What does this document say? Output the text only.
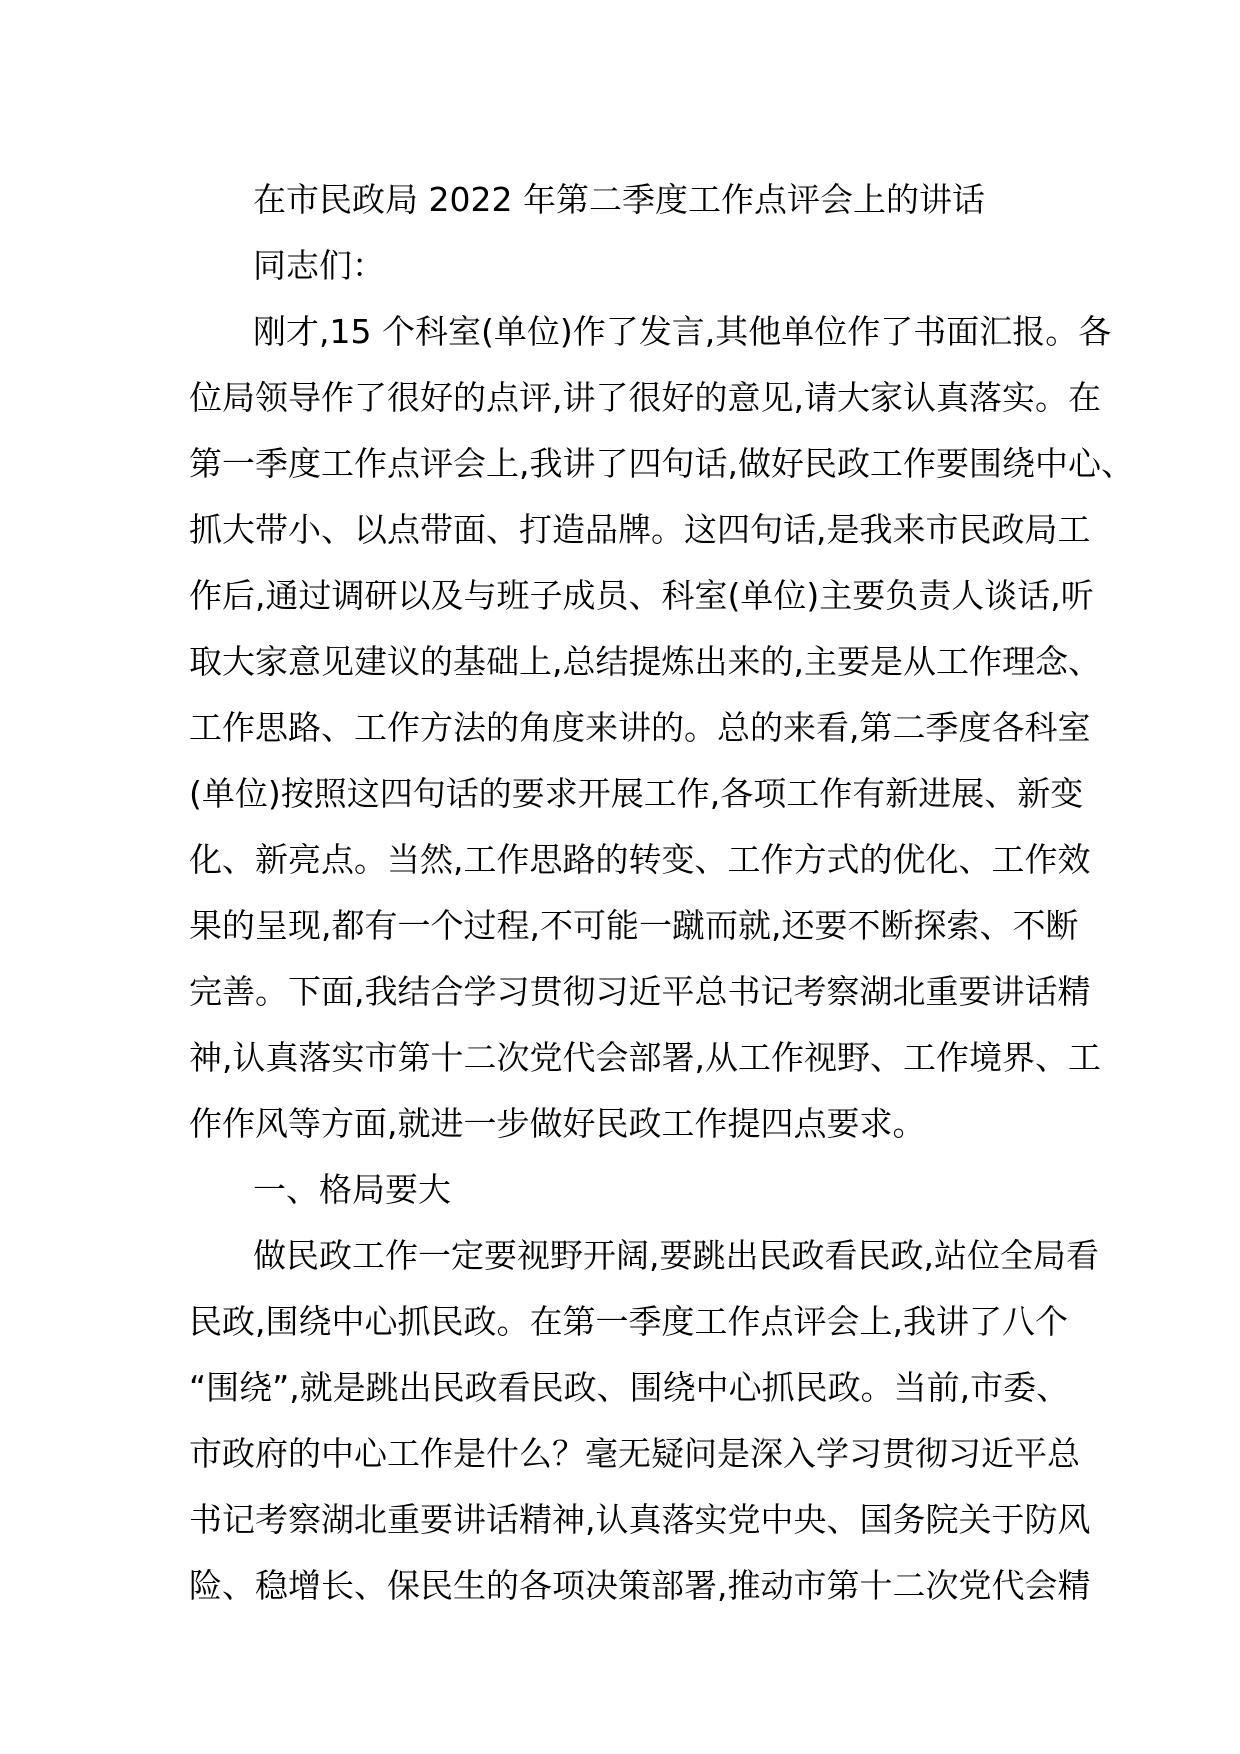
在市民政局 2022 年第二季度工作点评会上的讲话
同志们：
刚才,15 个科室(单位)作了发言,其他单位作了书面汇报。各
位局领导作了很好的点评,讲了很好的意见,请大家认真落实。在
第一季度工作点评会上,我讲了四句话,做好民政工作要围绕中心、
抓大带小、以点带面、打造品牌。这四句话,是我来市民政局工
作后,通过调研以及与班子成员、科室(单位)主要负责人谈话,听
取大家意见建议的基础上,总结提炼出来的,主要是从工作理念、
工作思路、工作方法的角度来讲的。总的来看,第二季度各科室
(单位)按照这四句话的要求开展工作,各项工作有新进展、新变
化、新亮点。当然,工作思路的转变、工作方式的优化、工作效
果的呈现,都有一个过程,不可能一蹴而就,还要不断探索、不断
完善。下面,我结合学习贯彻习近平总书记考察湖北重要讲话精
神,认真落实市第十二次党代会部署,从工作视野、工作境界、工
作作风等方面,就进一步做好民政工作提四点要求。
一、格局要大
做民政工作一定要视野开阔,要跳出民政看民政,站位全局看
民政,围绕中心抓民政。在第一季度工作点评会上,我讲了八个
“围绕”,就是跳出民政看民政、围绕中心抓民政。当前,市委、
市政府的中心工作是什么？毫无疑问是深入学习贯彻习近平总
书记考察湖北重要讲话精神,认真落实党中央、国务院关于防风
险、稳增长、保民生的各项决策部署,推动市第十二次党代会精
